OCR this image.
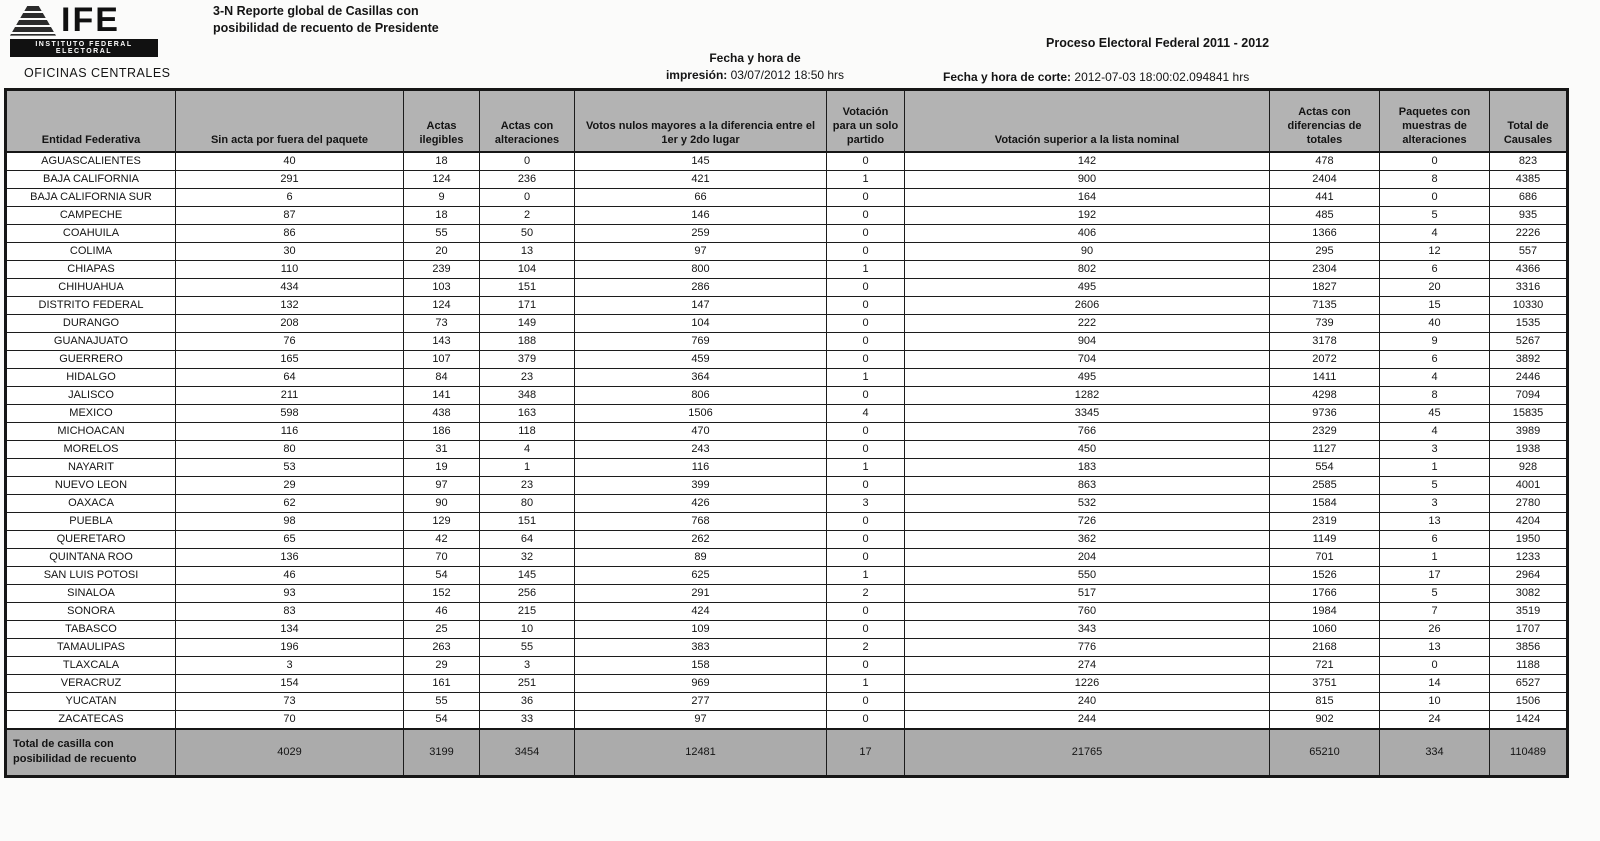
IFE
INSTITUTO FEDERAL ELECTORAL
3-N Reporte global de Casillas con
posibilidad de recuento de Presidente
Proceso Electoral Federal 2011 - 2012
OFICINAS CENTRALES
Fecha y hora de
impresión: 03/07/2012 18:50 hrs	Fecha y hora de corte: 2012-07-03 18:00:02.094841 hrs
Entidad Federativa	Sin acta por fuera del paquete	Actas ilegibles	Actas con alteraciones	Votos nulos mayores a la diferencia entre el 1er y 2do lugar	Votación para un solo partido	Votación superior a la lista nominal	Actas con diferencias de totales	Paquetes con muestras de alteraciones	Total de Causales
AGUASCALIENTES	40	18	0	145	0	142	478	0	823
BAJA CALIFORNIA	291	124	236	421	1	900	2404	8	4385
BAJA CALIFORNIA SUR	6	9	0	66	0	164	441	0	686
CAMPECHE	87	18	2	146	0	192	485	5	935
COAHUILA	86	55	50	259	0	406	1366	4	2226
COLIMA	30	20	13	97	0	90	295	12	557
CHIAPAS	110	239	104	800	1	802	2304	6	4366
CHIHUAHUA	434	103	151	286	0	495	1827	20	3316
DISTRITO FEDERAL	132	124	171	147	0	2606	7135	15	10330
DURANGO	208	73	149	104	0	222	739	40	1535
GUANAJUATO	76	143	188	769	0	904	3178	9	5267
GUERRERO	165	107	379	459	0	704	2072	6	3892
HIDALGO	64	84	23	364	1	495	1411	4	2446
JALISCO	211	141	348	806	0	1282	4298	8	7094
MEXICO	598	438	163	1506	4	3345	9736	45	15835
MICHOACAN	116	186	118	470	0	766	2329	4	3989
MORELOS	80	31	4	243	0	450	1127	3	1938
NAYARIT	53	19	1	116	1	183	554	1	928
NUEVO LEON	29	97	23	399	0	863	2585	5	4001
OAXACA	62	90	80	426	3	532	1584	3	2780
PUEBLA	98	129	151	768	0	726	2319	13	4204
QUERETARO	65	42	64	262	0	362	1149	6	1950
QUINTANA ROO	136	70	32	89	0	204	701	1	1233
SAN LUIS POTOSI	46	54	145	625	1	550	1526	17	2964
SINALOA	93	152	256	291	2	517	1766	5	3082
SONORA	83	46	215	424	0	760	1984	7	3519
TABASCO	134	25	10	109	0	343	1060	26	1707
TAMAULIPAS	196	263	55	383	2	776	2168	13	3856
TLAXCALA	3	29	3	158	0	274	721	0	1188
VERACRUZ	154	161	251	969	1	1226	3751	14	6527
YUCATAN	73	55	36	277	0	240	815	10	1506
ZACATECAS	70	54	33	97	0	244	902	24	1424
Total de casilla con posibilidad de recuento	4029	3199	3454	12481	17	21765	65210	334	110489
